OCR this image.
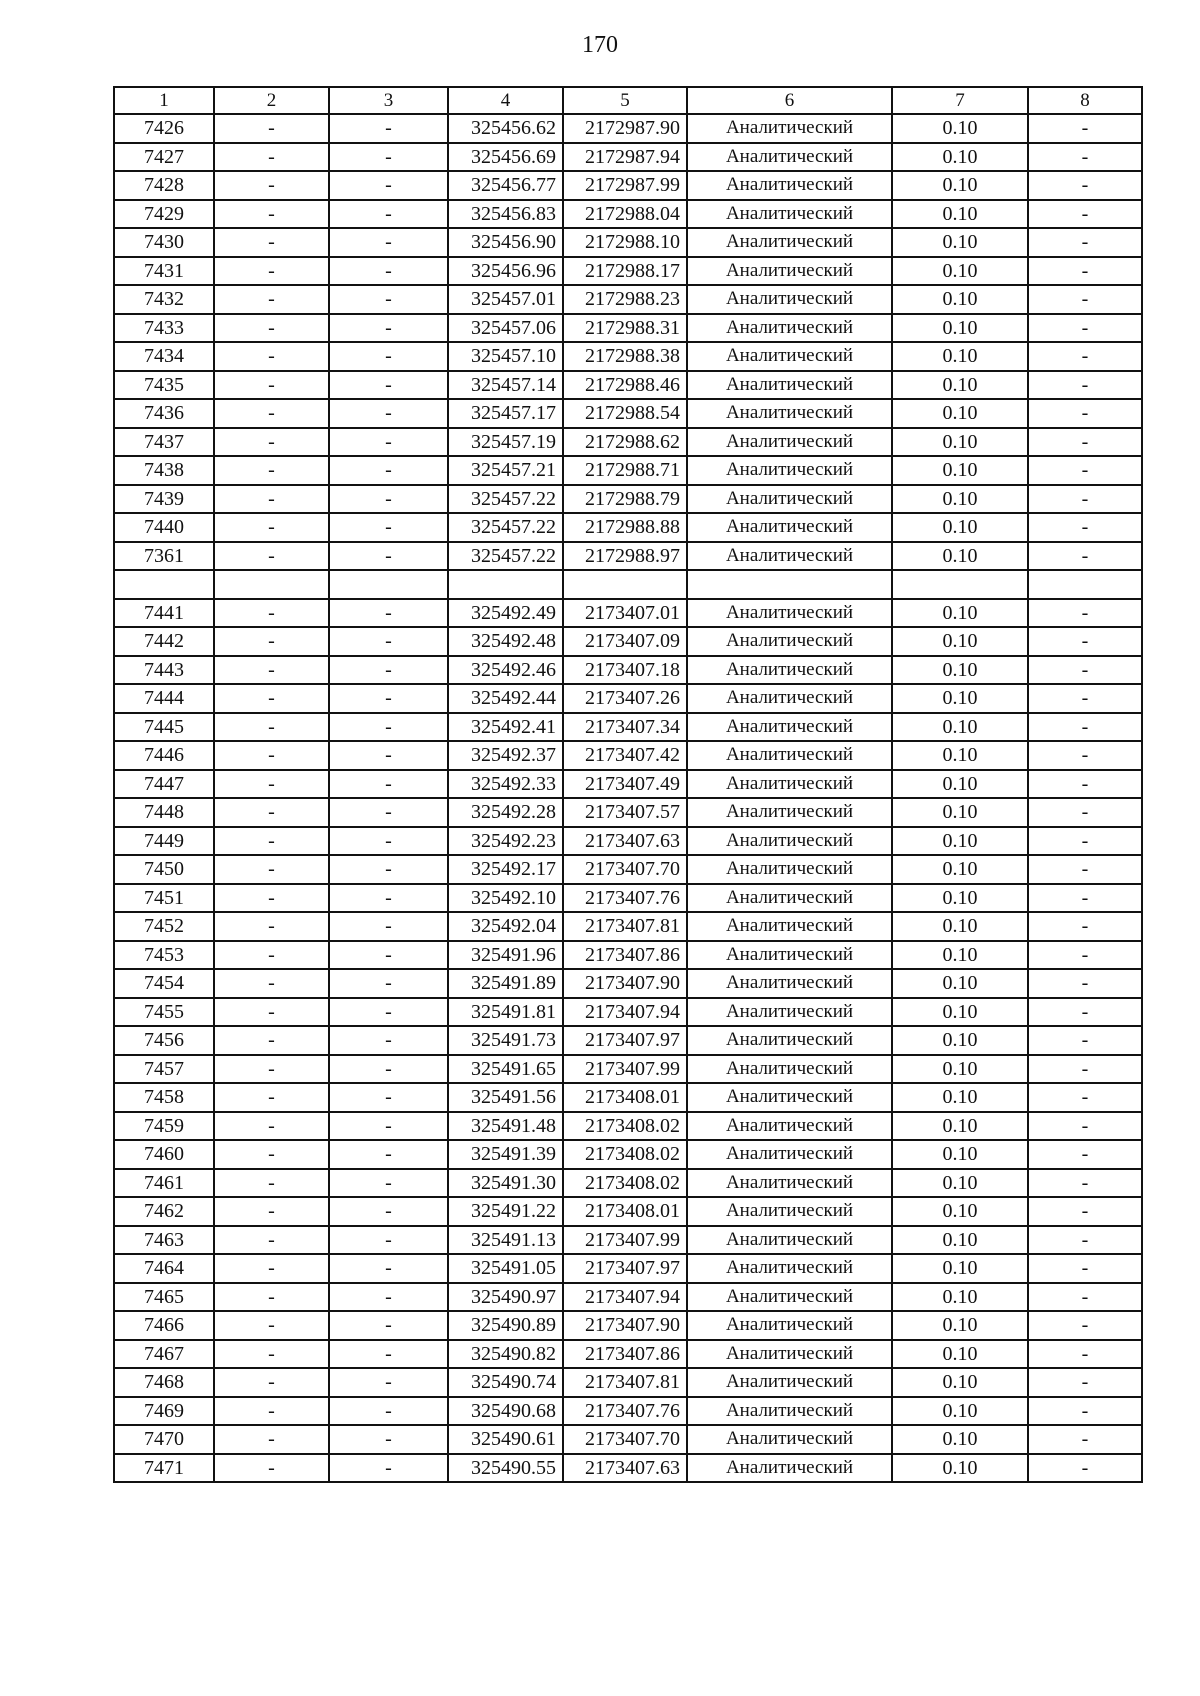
170
1	2	3	4	5	6	7	8
7426	-	-	325456.62	2172987.90	Аналитический	0.10	-
7427	-	-	325456.69	2172987.94	Аналитический	0.10	-
7428	-	-	325456.77	2172987.99	Аналитический	0.10	-
7429	-	-	325456.83	2172988.04	Аналитический	0.10	-
7430	-	-	325456.90	2172988.10	Аналитический	0.10	-
7431	-	-	325456.96	2172988.17	Аналитический	0.10	-
7432	-	-	325457.01	2172988.23	Аналитический	0.10	-
7433	-	-	325457.06	2172988.31	Аналитический	0.10	-
7434	-	-	325457.10	2172988.38	Аналитический	0.10	-
7435	-	-	325457.14	2172988.46	Аналитический	0.10	-
7436	-	-	325457.17	2172988.54	Аналитический	0.10	-
7437	-	-	325457.19	2172988.62	Аналитический	0.10	-
7438	-	-	325457.21	2172988.71	Аналитический	0.10	-
7439	-	-	325457.22	2172988.79	Аналитический	0.10	-
7440	-	-	325457.22	2172988.88	Аналитический	0.10	-
7361	-	-	325457.22	2172988.97	Аналитический	0.10	-

7441	-	-	325492.49	2173407.01	Аналитический	0.10	-
7442	-	-	325492.48	2173407.09	Аналитический	0.10	-
7443	-	-	325492.46	2173407.18	Аналитический	0.10	-
7444	-	-	325492.44	2173407.26	Аналитический	0.10	-
7445	-	-	325492.41	2173407.34	Аналитический	0.10	-
7446	-	-	325492.37	2173407.42	Аналитический	0.10	-
7447	-	-	325492.33	2173407.49	Аналитический	0.10	-
7448	-	-	325492.28	2173407.57	Аналитический	0.10	-
7449	-	-	325492.23	2173407.63	Аналитический	0.10	-
7450	-	-	325492.17	2173407.70	Аналитический	0.10	-
7451	-	-	325492.10	2173407.76	Аналитический	0.10	-
7452	-	-	325492.04	2173407.81	Аналитический	0.10	-
7453	-	-	325491.96	2173407.86	Аналитический	0.10	-
7454	-	-	325491.89	2173407.90	Аналитический	0.10	-
7455	-	-	325491.81	2173407.94	Аналитический	0.10	-
7456	-	-	325491.73	2173407.97	Аналитический	0.10	-
7457	-	-	325491.65	2173407.99	Аналитический	0.10	-
7458	-	-	325491.56	2173408.01	Аналитический	0.10	-
7459	-	-	325491.48	2173408.02	Аналитический	0.10	-
7460	-	-	325491.39	2173408.02	Аналитический	0.10	-
7461	-	-	325491.30	2173408.02	Аналитический	0.10	-
7462	-	-	325491.22	2173408.01	Аналитический	0.10	-
7463	-	-	325491.13	2173407.99	Аналитический	0.10	-
7464	-	-	325491.05	2173407.97	Аналитический	0.10	-
7465	-	-	325490.97	2173407.94	Аналитический	0.10	-
7466	-	-	325490.89	2173407.90	Аналитический	0.10	-
7467	-	-	325490.82	2173407.86	Аналитический	0.10	-
7468	-	-	325490.74	2173407.81	Аналитический	0.10	-
7469	-	-	325490.68	2173407.76	Аналитический	0.10	-
7470	-	-	325490.61	2173407.70	Аналитический	0.10	-
7471	-	-	325490.55	2173407.63	Аналитический	0.10	-
